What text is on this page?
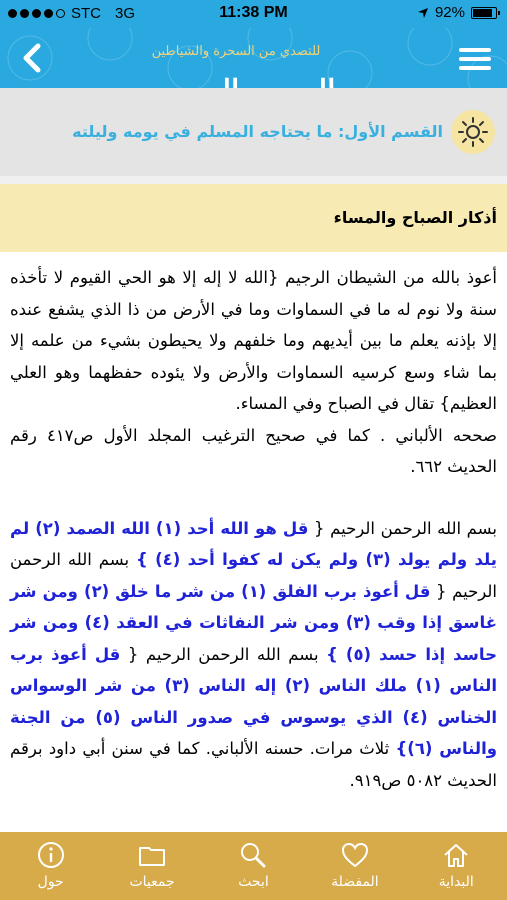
STC 3G	11:38 PM	92%
للتصدي من السحرة والشياطين
القسم الأول: ما يحتاجه المسلم في يومه وليلته
أذكار الصباح والمساء

أعوذ بالله من الشيطان الرجيم {الله لا إله إلا هو الحي القيوم لا تأخذه سنة ولا نوم له ما في السماوات وما في الأرض من ذا الذي يشفع عنده إلا بإذنه يعلم ما بين أيديهم وما خلفهم ولا يحيطون بشيء من علمه إلا بما شاء وسع كرسيه السماوات والأرض ولا يئوده حفظهما وهو العلي العظيم} تقال في الصباح وفي المساء.

صححه الألباني . كما في صحيح الترغيب المجلد الأول ص٤١٧ رقم الحديث ٦٦٢.

بسم الله الرحمن الرحيم { قل هو الله أحد (١) الله الصمد (٢) لم يلد ولم يولد (٣) ولم يكن له كفوا أحد (٤) } بسم الله الرحمن الرحيم { قل أعوذ برب الفلق (١) من شر ما خلق (٢) ومن شر غاسق إذا وقب (٣) ومن شر النفاثات في العقد (٤) ومن شر حاسد إذا حسد (٥) } بسم الله الرحمن الرحيم { قل أعوذ برب الناس (١) ملك الناس (٢) إله الناس (٣) من شر الوسواس الخناس (٤) الذي يوسوس في صدور الناس (٥) من الجنة والناس (٦)} ثلاث مرات. حسنه الألباني. كما في سنن أبي داود برقم الحديث ٥٠٨٢ ص٩١٩.
البداية
المفضلة
ابحث
جمعيات
حول
